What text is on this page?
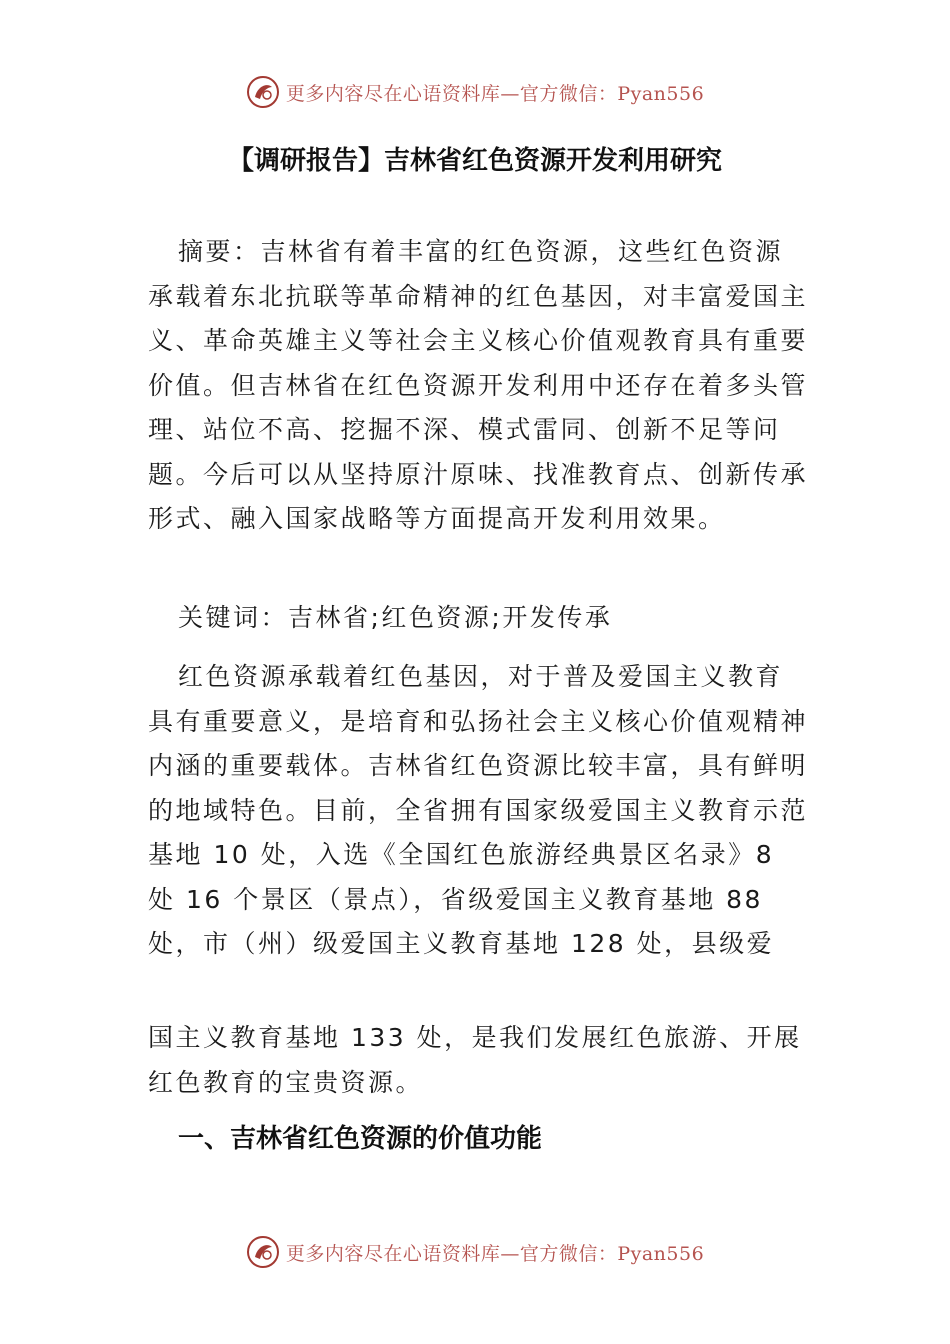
更多内容尽在心语资料库—官方微信：Pyan556
【调研报告】吉林省红色资源开发利用研究

摘要：吉林省有着丰富的红色资源，这些红色资源承载着东北抗联等革命精神的红色基因，对丰富爱国主义、革命英雄主义等社会主义核心价值观教育具有重要价值。但吉林省在红色资源开发利用中还存在着多头管理、站位不高、挖掘不深、模式雷同、创新不足等问题。今后可以从坚持原汁原味、找准教育点、创新传承形式、融入国家战略等方面提高开发利用效果。

关键词：吉林省;红色资源;开发传承

红色资源承载着红色基因，对于普及爱国主义教育具有重要意义，是培育和弘扬社会主义核心价值观精神内涵的重要载体。吉林省红色资源比较丰富，具有鲜明的地域特色。目前，全省拥有国家级爱国主义教育示范基地 10 处，入选《全国红色旅游经典景区名录》8 处 16 个景区（景点），省级爱国主义教育基地 88 处，市（州）级爱国主义教育基地 128 处，县级爱

国主义教育基地 133 处，是我们发展红色旅游、开展红色教育的宝贵资源。

一、吉林省红色资源的价值功能
更多内容尽在心语资料库—官方微信：Pyan556
